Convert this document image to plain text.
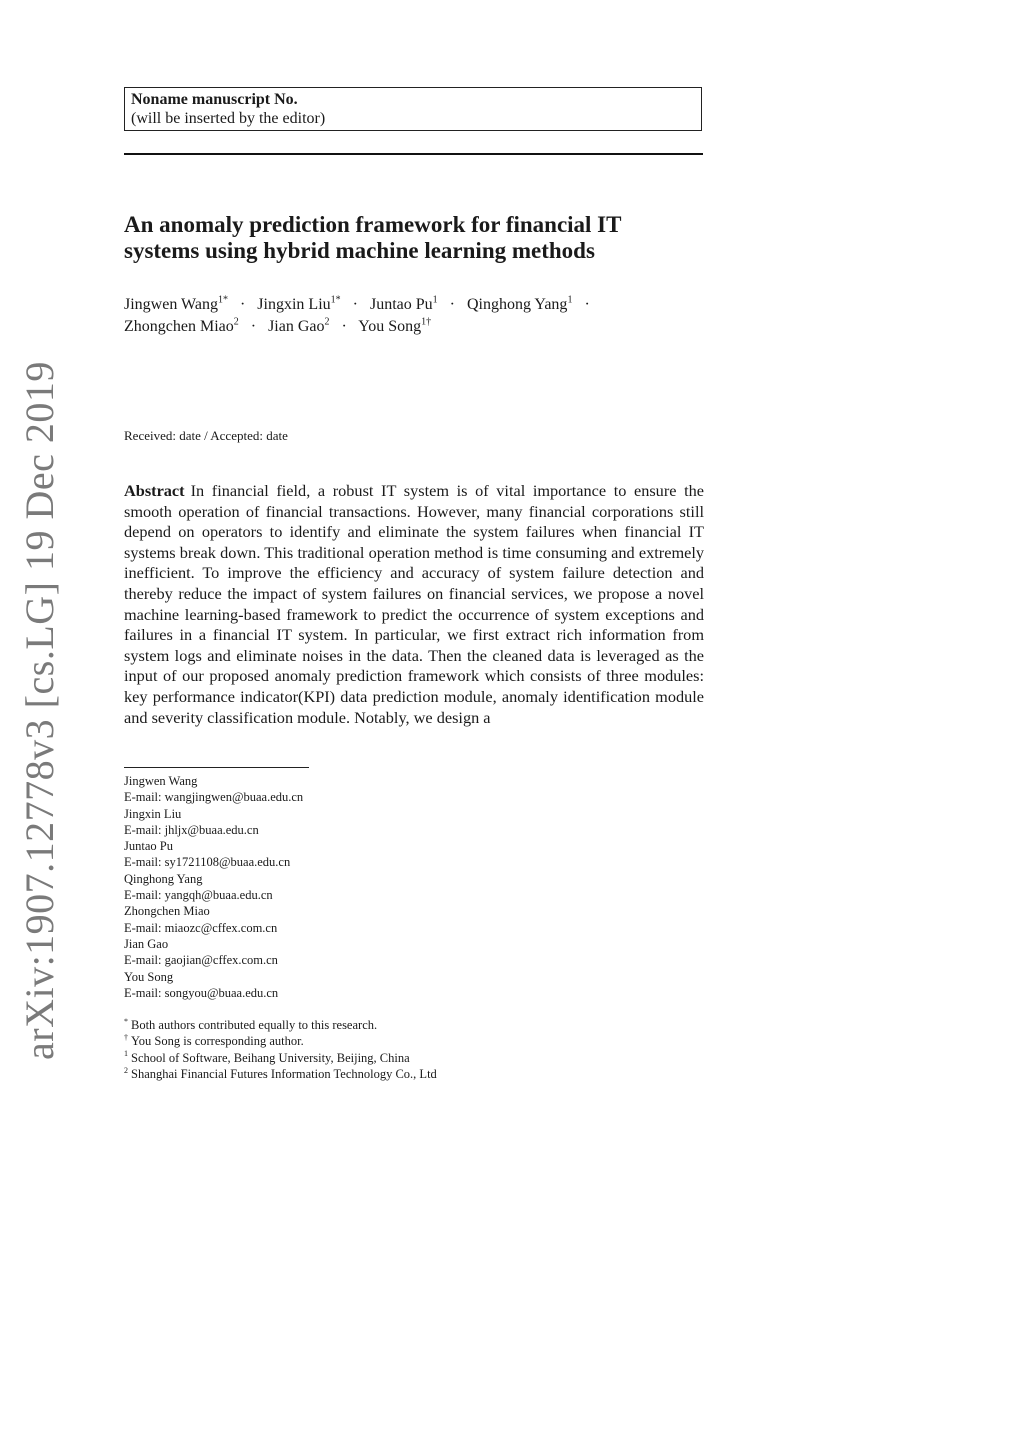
arXiv:1907.12778v3 [cs.LG] 19 Dec 2019
Noname manuscript No.
(will be inserted by the editor)
An anomaly prediction framework for financial IT
systems using hybrid machine learning methods
Jingwen Wang$^{1*}$ · Jingxin Liu$^{1*}$ · Juntao $Pu^1$ · Qinghong Yang$^1$ ·
Zhongchen Miao$^2$ · Jian Gao$^2$ · You Song$^{1\dagger}$
Received: date / Accepted: date
Abstract In financial field, a robust IT system is of vital importance to ensure the smooth operation of financial transactions. However, many financial corporations still depend on operators to identify and eliminate the system failures when financial IT systems break down. This traditional operation method is time consuming and extremely inefficient. To improve the efficiency and accuracy of system failure detection and thereby reduce the impact of system failures on financial services, we propose a novel machine learning-based framework to predict the occurrence of system exceptions and failures in a financial IT system. In particular, we first extract rich information from system logs and eliminate noises in the data. Then the cleaned data is leveraged as the input of our proposed anomaly prediction framework which consists of three modules: key performance indicator(KPI) data prediction module, anomaly identification module and severity classification module. Notably, we design a
Jingwen Wang
E-mail: wangjingwen@buaa.edu.cn
Jingxin Liu
E-mail: jhljx@buaa.edu.cn
Juntao Pu
E-mail: sy1721108@buaa.edu.cn
Qinghong Yang
E-mail: yangqh@buaa.edu.cn
Zhongchen Miao
E-mail: miaozc@cffex.com.cn
Jian Gao
E-mail: gaojian@cffex.com.cn
You Song
E-mail: songyou@buaa.edu.cn
* Both authors contributed equally to this research.
† You Song is corresponding author.
$^1$ School of Software, Beihang University, Beijing, China
$^2$ Shanghai Financial Futures Information Technology Co., Ltd
